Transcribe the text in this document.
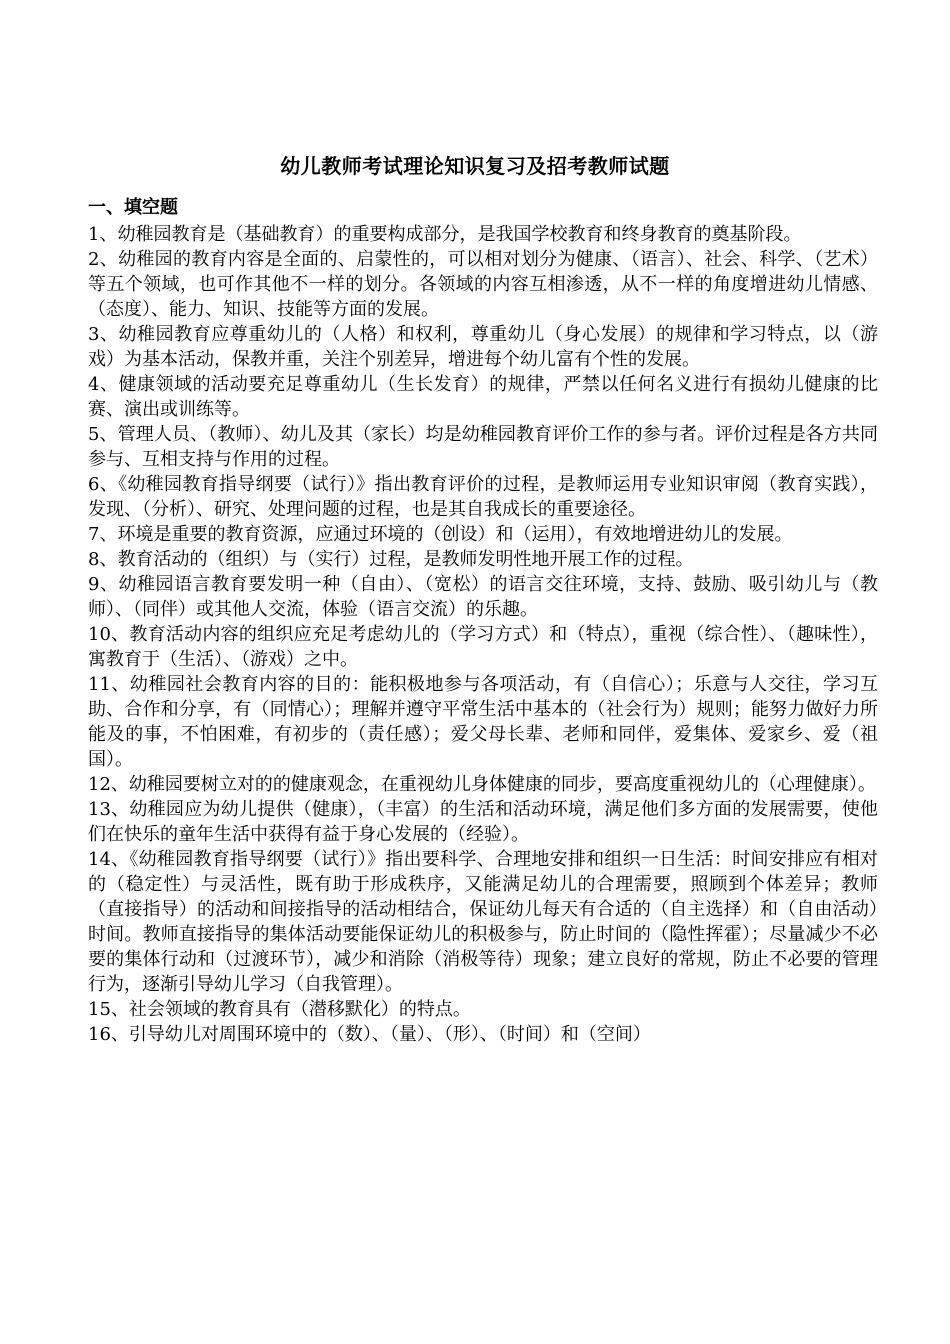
幼儿教师考试理论知识复习及招考教师试题
一、填空题

1、幼稚园教育是（基础教育）的重要构成部分，是我国学校教育和终身教育的奠基阶段。

2、幼稚园的教育内容是全面的、启蒙性的，可以相对划分为健康、（语言）、社会、科学、（艺术）等五个领域，也可作其他不一样的划分。各领域的内容互相渗透，从不一样的角度增进幼儿情感、（态度）、能力、知识、技能等方面的发展。

3、幼稚园教育应尊重幼儿的（人格）和权利，尊重幼儿（身心发展）的规律和学习特点，以（游戏）为基本活动，保教并重，关注个别差异，增进每个幼儿富有个性的发展。

4、健康领域的活动要充足尊重幼儿（生长发育）的规律，严禁以任何名义进行有损幼儿健康的比赛、演出或训练等。

5、管理人员、（教师）、幼儿及其（家长）均是幼稚园教育评价工作的参与者。评价过程是各方共同参与、互相支持与作用的过程。

6、《幼稚园教育指导纲要（试行）》指出教育评价的过程，是教师运用专业知识审阅（教育实践），发现、（分析）、研究、处理问题的过程，也是其自我成长的重要途径。

7、环境是重要的教育资源，应通过环境的（创设）和（运用），有效地增进幼儿的发展。

8、教育活动的（组织）与（实行）过程，是教师发明性地开展工作的过程。

9、幼稚园语言教育要发明一种（自由）、（宽松）的语言交往环境，支持、鼓励、吸引幼儿与（教师）、（同伴）或其他人交流，体验（语言交流）的乐趣。

10、教育活动内容的组织应充足考虑幼儿的（学习方式）和（特点），重视（综合性）、（趣味性），寓教育于（生活）、（游戏）之中。

11、幼稚园社会教育内容的目的：能积极地参与各项活动，有（自信心）；乐意与人交往，学习互助、合作和分享，有（同情心）；理解并遵守平常生活中基本的（社会行为）规则；能努力做好力所能及的事，不怕困难，有初步的（责任感）；爱父母长辈、老师和同伴，爱集体、爱家乡、爱（祖国）。

12、幼稚园要树立对的的健康观念，在重视幼儿身体健康的同步，要高度重视幼儿的（心理健康）。

13、幼稚园应为幼儿提供（健康），（丰富）的生活和活动环境，满足他们多方面的发展需要，使他们在快乐的童年生活中获得有益于身心发展的（经验）。

14、《幼稚园教育指导纲要（试行）》指出要科学、合理地安排和组织一日生活：时间安排应有相对的（稳定性）与灵活性，既有助于形成秩序，又能满足幼儿的合理需要，照顾到个体差异；教师（直接指导）的活动和间接指导的活动相结合，保证幼儿每天有合适的（自主选择）和（自由活动）时间。教师直接指导的集体活动要能保证幼儿的积极参与，防止时间的（隐性挥霍）；尽量减少不必要的集体行动和（过渡环节），减少和消除（消极等待）现象；建立良好的常规，防止不必要的管理行为，逐渐引导幼儿学习（自我管理）。

15、社会领域的教育具有（潜移默化）的特点。

16、引导幼儿对周围环境中的（数）、（量）、（形）、（时间）和（空间）
